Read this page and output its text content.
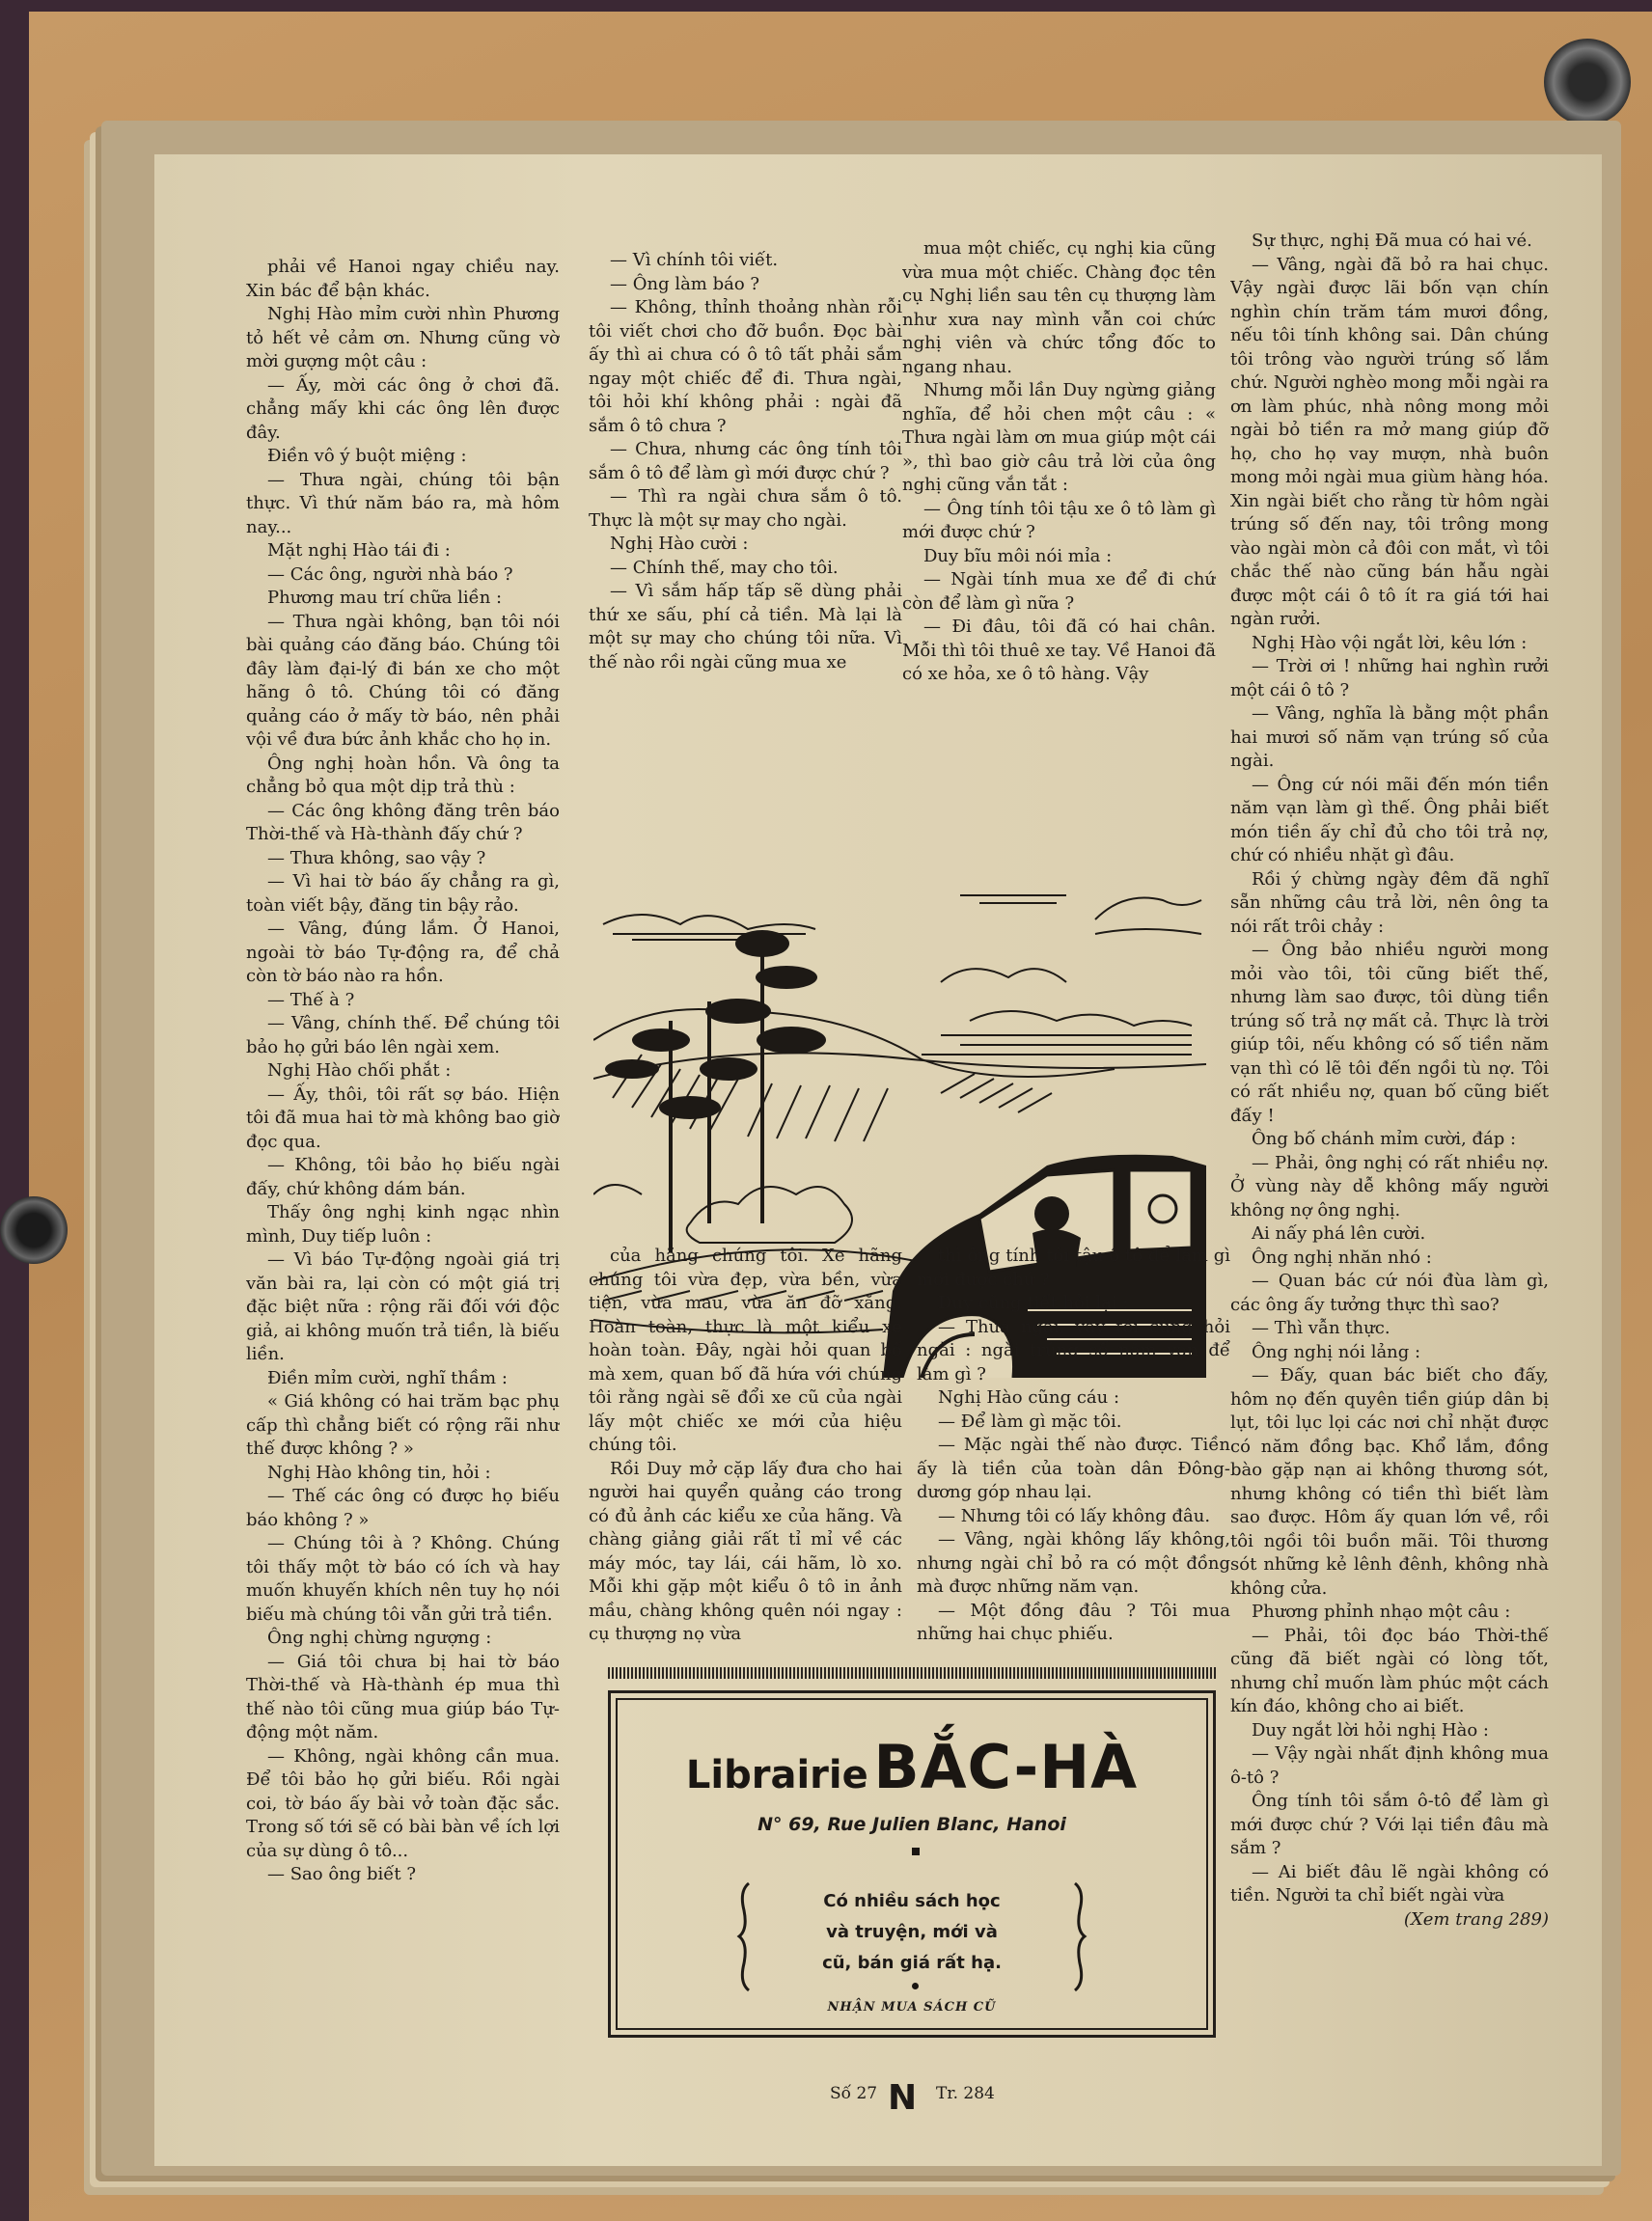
phải về Hanoi ngay chiều nay. Xin bác để bận khác.

Nghị Hào mỉm cười nhìn Phương tỏ hết vẻ cảm ơn. Nhưng cũng vờ mời gượng một câu :

— Ấy, mời các ông ở chơi đã. chẳng mấy khi các ông lên được đây.

Điền vô ý buột miệng :

— Thưa ngài, chúng tôi bận thực. Vì thứ năm báo ra, mà hôm nay...

Mặt nghị Hào tái đi :

— Các ông, người nhà báo ?

Phương mau trí chữa liền :

— Thưa ngài không, bạn tôi nói bài quảng cáo đăng báo. Chúng tôi đây làm đại-lý đi bán xe cho một hãng ô tô. Chúng tôi có đăng quảng cáo ở mấy tờ báo, nên phải vội về đưa bức ảnh khắc cho họ in.

Ông nghị hoàn hồn. Và ông ta chẳng bỏ qua một dịp trả thù :

— Các ông không đăng trên báo Thời-thế và Hà-thành đấy chứ ?

— Thưa không, sao vậy ?

— Vì hai tờ báo ấy chẳng ra gì, toàn viết bậy, đăng tin bậy rảo.

— Vâng, đúng lắm. Ở Hanoi, ngoài tờ báo Tự-động ra, để chả còn tờ báo nào ra hồn.

— Thế à ?

— Vâng, chính thế. Để chúng tôi bảo họ gửi báo lên ngài xem.

Nghị Hào chối phắt :

— Ấy, thôi, tôi rất sợ báo. Hiện tôi đã mua hai tờ mà không bao giờ đọc qua.

— Không, tôi bảo họ biếu ngài đấy, chứ không dám bán.

Thấy ông nghị kinh ngạc nhìn mình, Duy tiếp luôn :

— Vì báo Tự-động ngoài giá trị văn bài ra, lại còn có một giá trị đặc biệt nữa : rộng rãi đối với độc giả, ai không muốn trả tiền, là biếu liền.

Điền mỉm cười, nghĩ thầm :

« Giá không có hai trăm bạc phụ cấp thì chẳng biết có rộng rãi như thế được không ? »

Nghị Hào không tin, hỏi :

— Thế các ông có được họ biếu báo không ? »

— Chúng tôi à ? Không. Chúng tôi thấy một tờ báo có ích và hay muốn khuyến khích nên tuy họ nói biếu mà chúng tôi vẫn gửi trả tiền.

Ông nghị chừng ngượng :

— Giá tôi chưa bị hai tờ báo Thời-thế và Hà-thành ép mua thì thế nào tôi cũng mua giúp báo Tự-động một năm.

— Không, ngài không cần mua. Để tôi bảo họ gửi biếu. Rồi ngài coi, tờ báo ấy bài vở toàn đặc sắc. Trong số tới sẽ có bài bàn về ích lợi của sự dùng ô tô...

— Sao ông biết ?

— Vì chính tôi viết.

— Ông làm báo ?

— Không, thỉnh thoảng nhàn rỗi tôi viết chơi cho đỡ buồn. Đọc bài ấy thì ai chưa có ô tô tất phải sắm ngay một chiếc để đi. Thưa ngài, tôi hỏi khí không phải : ngài đã sắm ô tô chưa ?

— Chưa, nhưng các ông tính tôi sắm ô tô để làm gì mới được chứ ?

— Thì ra ngài chưa sắm ô tô. Thực là một sự may cho ngài.

Nghị Hào cười :

— Chính thế, may cho tôi.

— Vì sắm hấp tấp sẽ dùng phải thứ xe sấu, phí cả tiền. Mà lại là một sự may cho chúng tôi nữa. Vì thế nào rồi ngài cũng mua xe

mua một chiếc, cụ nghị kia cũng vừa mua một chiếc. Chàng đọc tên cụ Nghị liền sau tên cụ thượng làm như xưa nay mình vẫn coi chức nghị viên và chức tổng đốc to ngang nhau.

Nhưng mỗi lần Duy ngừng giảng nghĩa, để hỏi chen một câu : « Thưa ngài làm ơn mua giúp một cái », thì bao giờ câu trả lời của ông nghị cũng vắn tắt :

— Ông tính tôi tậu xe ô tô làm gì mới được chứ ?

Duy bĩu môi nói mỉa :

— Ngài tính mua xe để đi chứ còn để làm gì nữa ?

— Đi đâu, tôi đã có hai chân. Mỗi thì tôi thuê xe tay. Về Hanoi đã có xe hỏa, xe ô tô hàng. Vậy

Sự thực, nghị Đã mua có hai vé.

— Vâng, ngài đã bỏ ra hai chục. Vậy ngài được lãi bốn vạn chín nghìn chín trăm tám mươi đồng, nếu tôi tính không sai. Dân chúng tôi trông vào người trúng số lắm chứ. Người nghèo mong mỗi ngài ra ơn làm phúc, nhà nông mong mỏi ngài bỏ tiền ra mở mang giúp đỡ họ, cho họ vay mượn, nhà buôn mong mỏi ngài mua giùm hàng hóa. Xin ngài biết cho rằng từ hôm ngài trúng số đến nay, tôi trông mong vào ngài mòn cả đôi con mắt, vì tôi chắc thế nào cũng bán hẫu ngài được một cái ô tô ít ra giá tới hai ngàn rưởi.

Nghị Hào vội ngắt lời, kêu lớn :

— Trời ơi ! những hai nghìn rưởi một cái ô tô ?

— Vâng, nghĩa là bằng một phần hai mươi số năm vạn trúng số của ngài.

— Ông cứ nói mãi đến món tiền năm vạn làm gì thế. Ông phải biết món tiền ấy chỉ đủ cho tôi trả nợ, chứ có nhiều nhặt gì đâu.

Rồi ý chừng ngày đêm đã nghĩ sẵn những câu trả lời, nên ông ta nói rất trôi chảy :

— Ông bảo nhiều người mong mỏi vào tôi, tôi cũng biết thế, nhưng làm sao được, tôi dùng tiền trúng số trả nợ mất cả. Thực là trời giúp tôi, nếu không có số tiền năm vạn thì có lẽ tôi đến ngồi tù nợ. Tôi có rất nhiều nợ, quan bố cũng biết đấy !

Ông bố chánh mỉm cười, đáp :

— Phải, ông nghị có rất nhiều nợ. Ở vùng này dễ không mấy người không nợ ông nghị.

Ai nấy phá lên cười.

Ông nghị nhăn nhó :

— Quan bác cứ nói đùa làm gì, các ông ấy tưởng thực thì sao?

— Thì vẫn thực.

Ông nghị nói lảng :

— Đấy, quan bác biết cho đấy, hôm nọ đến quyên tiền giúp dân bị lụt, tôi lục lọi các nơi chỉ nhặt được có năm đồng bạc. Khổ lắm, đồng bào gặp nạn ai không thương sót, nhưng không có tiền thì biết làm sao được. Hôm ấy quan lớn về, rồi tôi ngồi tôi buồn mãi. Tôi thương sót những kẻ lênh đênh, không nhà không cửa.

Phương phỉnh nhạo một câu :

— Phải, tôi đọc báo Thời-thế cũng đã biết ngài có lòng tốt, nhưng chỉ muốn làm phúc một cách kín đáo, không cho ai biết.

Duy ngắt lời hỏi nghị Hào :

— Vậy ngài nhất định không mua ô-tô ?

Ông tính tôi sắm ô-tô để làm gì mới được chứ ? Với lại tiền đâu mà sắm ?

— Ai biết đâu lẽ ngài không có tiền. Người ta chỉ biết ngài vừa

(Xem trang 289)

của hãng chúng tôi. Xe hãng chúng tôi vừa đẹp, vừa bền, vừa tiện, vừa mau, vừa ăn đỡ xăng. Hoàn toàn, thực là một kiểu xe hoàn toàn. Đây, ngài hỏi quan bố mà xem, quan bố đã hứa với chúng tôi rằng ngài sẽ đổi xe cũ của ngài lấy một chiếc xe mới của hiệu chúng tôi.

Rồi Duy mở cặp lấy đưa cho hai người hai quyển quảng cáo trong có đủ ảnh các kiểu xe của hãng. Và chàng giảng giải rất tỉ mỉ về các máy móc, tay lái, cái hãm, lò xo. Mỗi khi gặp một kiểu ô tô in ảnh mầu, chàng không quên nói ngay : cụ thượng nọ vừa

thì ông tính tôi tậu ô tô để làm gì mới được chứ ?

Duy cũng tiết hỏi lại :

— Thưa ngài, vậy tôi cũng hỏi ngài : ngài trúng số năm vạn để làm gì ?

Nghị Hào cũng cáu :

— Để làm gì mặc tôi.

— Mặc ngài thế nào được. Tiền ấy là tiền của toàn dân Đông-dương góp nhau lại.

— Nhưng tôi có lấy không đâu.

— Vâng, ngài không lấy không, nhưng ngài chỉ bỏ ra có một đồng mà được những năm vạn.

— Một đồng đâu ? Tôi mua những hai chục phiếu.

Librairie BẮC-HÀ
N° 69, Rue Julien Blanc, Hanoi
Có nhiều sách học
và truyện, mới và
cũ, bán giá rất hạ.
NHẬN MUA SÁCH CŨ
Số 27 N Tr. 284
